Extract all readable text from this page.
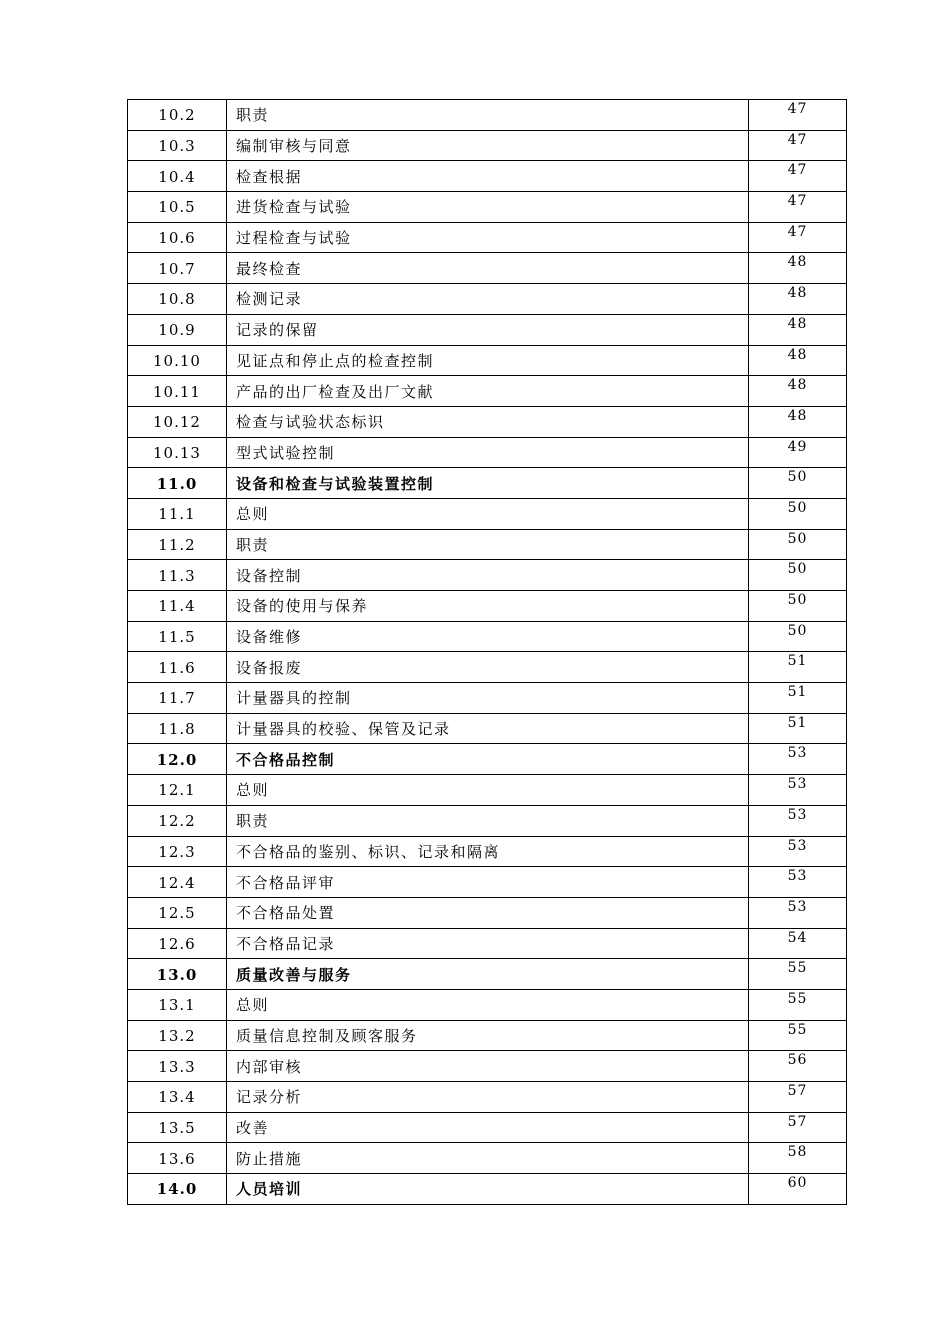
10.2	职责	47
10.3	编制审核与同意	47
10.4	检查根据	47
10.5	进货检查与试验	47
10.6	过程检查与试验	47
10.7	最终检查	48
10.8	检测记录	48
10.9	记录的保留	48
10.10	见证点和停止点的检查控制	48
10.11	产品的出厂检查及出厂文献	48
10.12	检查与试验状态标识	48
10.13	型式试验控制	49
11.0	设备和检查与试验装置控制	50
11.1	总则	50
11.2	职责	50
11.3	设备控制	50
11.4	设备的使用与保养	50
11.5	设备维修	50
11.6	设备报废	51
11.7	计量器具的控制	51
11.8	计量器具的校验、保管及记录	51
12.0	不合格品控制	53
12.1	总则	53
12.2	职责	53
12.3	不合格品的鉴别、标识、记录和隔离	53
12.4	不合格品评审	53
12.5	不合格品处置	53
12.6	不合格品记录	54
13.0	质量改善与服务	55
13.1	总则	55
13.2	质量信息控制及顾客服务	55
13.3	内部审核	56
13.4	记录分析	57
13.5	改善	57
13.6	防止措施	58
14.0	人员培训	60
